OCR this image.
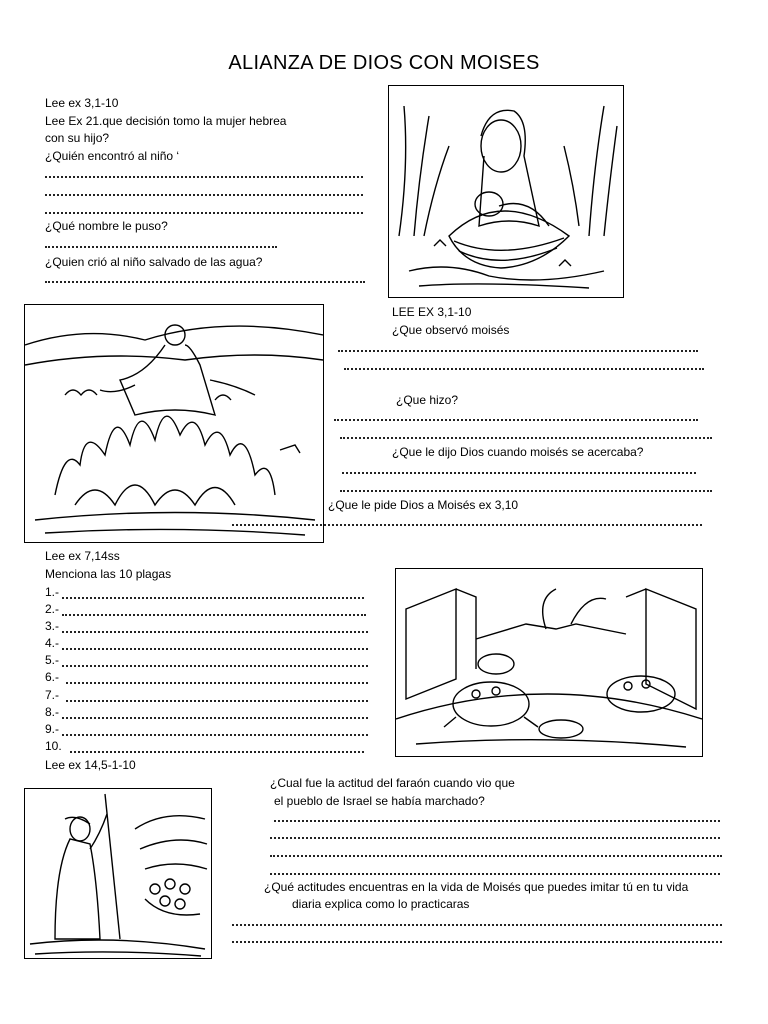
ALIANZA DE DIOS CON MOISES
Lee ex 3,1-10
Lee Ex 21.que decisión tomo la mujer hebrea
con su hijo?
¿Quién encontró al niño ‘
¿Qué nombre le puso?
¿Quien crió al niño salvado de las agua?
LEE EX 3,1-10
¿Que observó moisés
¿Que hizo?
¿Que le dijo Dios cuando moisés se acercaba?
¿Que le pide Dios a Moisés ex 3,10
Lee ex 7,14ss
Menciona las 10 plagas
1.-
2.-
3.-
4.-
5.-
6.-
7.-
8.-
9.-
10.
Lee ex 14,5-1-10
¿Cual fue la actitud del faraón cuando vio que
el pueblo de Israel se había marchado?
¿Qué actitudes encuentras en la vida de Moisés que puedes imitar tú en tu vida
diaria explica como lo practicaras
